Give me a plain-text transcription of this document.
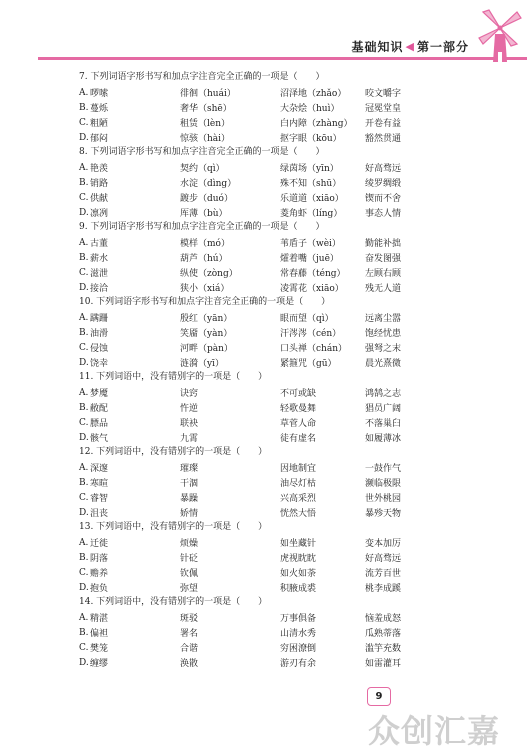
基础知识 ◀ 第一部分
7. 下列词语字形书写和加点字注音完全正确的一项是（　　）
A. 啰嗦	徘徊（huái）	沼泽地（zhǎo）	咬文嚼字
B. 蔓烁	奢华（shē）	大杂烩（huì）	冠冕堂皇
C. 粗陋	租赁（lèn）	白内障（zhàng）	开卷有益
D. 郁闷	惊骇（hài）	抠字眼（kōu）	豁然贯通
8. 下列词语字形书写和加点字注音完全正确的一项是（　　）
A. 艳羡	契约（qì）	绿茵场（yīn）	好高骛远
B. 销路	水淀（dìng）	殊不知（shū）	绫罗绸缎
C. 供献	踱步（duó）	乐道道（xiāo）	锲而不舍
D. 凛冽	厍薄（bù）	菱角虾（líng）	事态人情
9. 下列词语字形书写和加点字注音完全正确的一项是（　　）
A. 古董	模样（mó）	苇盾子（wèi）	勤能补拙
B. 薪水	葫芦（hú）	㸌着嘴（juē）	奋发图强
C. 滋泄	纵使（zòng）	常春藤（téng）	左顾右顾
D. 接洽	狭小（xiá）	凌霄花（xiāo）	残无人道
10. 下列词语字形书写和加点字注音完全正确的一项是（　　）
A. 蹒跚	殷红（yān）	眼而望（qì）	远离尘嚣
B. 油滑	笑靥（yàn）	汗涔涔（cén）	饱经忧患
C. 侵蚀	河畔（pàn）	口头禅（chán）	强弩之末
D. 饶幸	涟漪（yī）	紧箍咒（gū）	晨光熹微
11. 下列词语中，没有错别字的一项是（　　）
A. 梦魇	诀窍	不可或缺	鸿鹄之志
B. 敝配	忤逆	轻歌曼舞	猖员广阔
C. 膘品	联袂	草菅人命	不落巢臼
D. 骸气	九霄	徒有虚名	如履薄冰
12. 下列词语中，没有错别字的一项是（　　）
A. 深邃	璀璨	因地制宜	一鼓作气
B. 寒暄	干涸	油尽灯枯	濒临极限
C. 睿智	暴躁	兴高采烈	世外桃园
D. 沮丧	娇情	恍然大悟	暴殄天物
13. 下列词语中，没有错别字的一项是（　　）
A. 迁徙	烦燥	如坐藏针	变本加厉
B. 阴落	针砭	虎视眈眈	好高骛远
C. 赡养	钦佩	如火如荼	流芳百世
D. 抱负	弥望	积腋成裘	桃李成蹊
14. 下列词语中，没有错别字的一项是（　　）
A. 精湛	斑驳	万事俱备	恼羞成怒
B. 偏袒	署名	山清水秀	瓜熟蒂落
C. 樊笼	合谐	穷困潦倒	滥竽充数
D. 缠缪	涣散	游刃有余	如雷灌耳
9
众创汇嘉
